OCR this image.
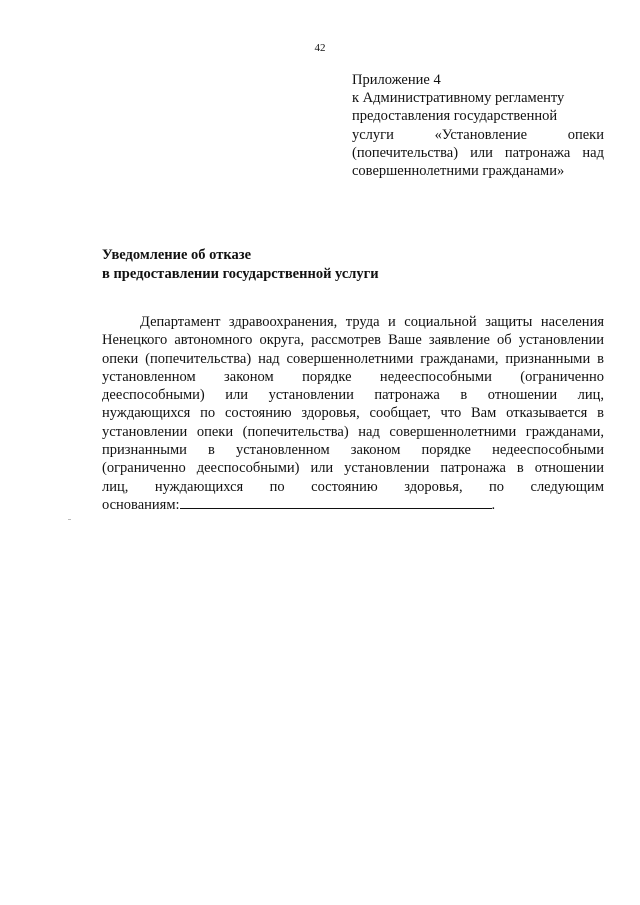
42
Приложение 4
к Административному регламенту
предоставления государственной
услуги «Установление опеки
(попечительства) или патронажа над
совершеннолетними гражданами»
Уведомление об отказе
в предоставлении государственной услуги
Департамент здравоохранения, труда и социальной защиты населения
Ненецкого автономного округа, рассмотрев Ваше заявление об установлении
опеки (попечительства) над совершеннолетними гражданами, признанными в
установленном законом порядке недееспособными (ограниченно
дееспособными) или установлении патронажа в отношении лиц,
нуждающихся по состоянию здоровья, сообщает, что Вам отказывается в
установлении опеки (попечительства) над совершеннолетними гражданами,
признанными в установленном законом порядке недееспособными
(ограниченно дееспособными) или установлении патронажа в отношении
лиц, нуждающихся по состоянию здоровья, по следующим
основаниям:	.
